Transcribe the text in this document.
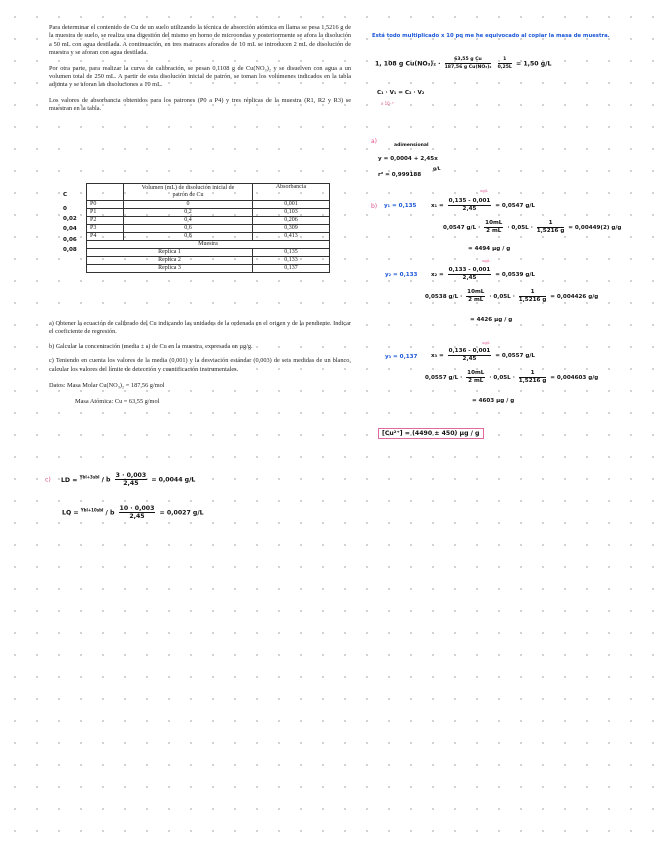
Para determinar el contenido de Cu de un suelo utilizando la técnica de absorción atómica en llama se pesa 1,5216 g de la muestra de suelo, se realiza una digestión del mismo en horno de microondas y posteriormente se afora la disolución a 50 mL con agua destilada. A continuación, en tres matraces aforados de 10 mL se introducen 2 mL de disolución de muestra y se aforan con agua destilada.

Por otra parte, para realizar la curva de calibración, se pesan 0,1108 g de Cu(NO₃)₂ y se disuelven con agua a un volumen total de 250 mL. A partir de esta disolución inicial de patrón, se toman los volúmenes indicados en la tabla adjunta y se aforan las disoluciones a 10 mL.

Los valores de absorbancia obtenidos para los patrones (P0 a P4) y tres réplicas de la muestra (R1, R2 y R3) se muestran en la tabla.

C
0
0,02
0,04
0,06
0,08
	Volumen (mL) de disolución inicial de patrón de Cu	Absorbancia
P0	0	0,001
P1	0,2	0,103
P2	0,4	0,206
P3	0,6	0,309
P4	0,8	0,413
Muestra		
Replica 1		0,135
Replica 2		0,133
Replica 3		0,137

a) Obtener la ecuación de calibrado del Cu indicando las unidades de la ordenada en el origen y de la pendiente. Indicar el coeficiente de regresión.

b) Calcular la concentración (media ± s) de Cu en la muestra, expresada en µg/g.

c) Teniendo en cuenta los valores de la media (0,001) y la desviación estándar (0,003) de seis medidas de un blanco, calcular los valores del límite de detección y cuantificación instrumentales.

Datos: Masa Molar Cu(NO₃)₂ = 187,56 g/mol

Masa Atómica: Cu = 63,55 g/mol

c) LD = $^{Ybl+3sbl}$ / b $\frac{3 \cdot 0,003}{2,45} = 0,0044$ g/L
LQ = $^{Ybl+10sbl}$ / b $\frac{10 \cdot 0,003}{2,45} = 0,0027$ g/L
Está todo multiplicado x 10 pq me he equivocado al copiar la masa de muestra.
1, 108 g $Cu(NO_3)_2 \cdot \frac{\text{63,55 g Cu}}{\text{187,56 g Cu(NO₃)₂}}$
$\frac{1}{0,25L} = 1,50$ g/L
C₁ · V₁ = C₂ · V₂
x 10⁻³
a)
adimensional
y = 0,0004 + 2,45x
g/L
r² = 0,999188
b)
ug/L
y₁ = 0,135	$x_1 = \frac{0,135 - 0,001}{2,45} = 0,0547$ g/L
0,0547 $g/L \cdot \frac{10mL}{2 mL} \cdot 0,05L \cdot \frac{1}{1,5216 g} = 0,00449(2)$ g/g
= 4494 µg / g
ug/L
y₂ = 0,133 $x_2 = \frac{0,133 - 0,001}{2,45} = 0,0539$ g/L
0,0538 $g/L \cdot \frac{10mL}{2 mL} \cdot 0,05L \cdot \frac{1}{1,5216 g} = 0,004426$ g/g
= 4426 µg / g
ug/L
y₃ = 0,137 $x_3 = \frac{0,136 - 0,001}{2,45} = 0,0557$ g/L
0,0557 $g/L \cdot \frac{10mL}{2 mL} \cdot 0,05L \cdot \frac{1}{1,5216 g} = 0,004603$ g/g
= 4603 µg / g
[Cu²⁺] = (4490 ± 450) µg / g
